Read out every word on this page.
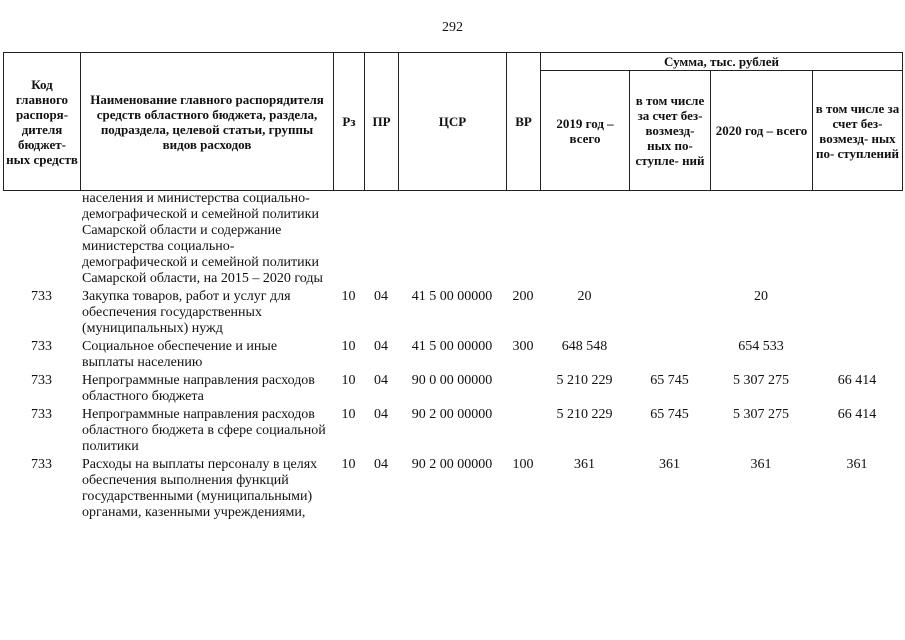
292
Код главного распоря- дителя бюджет- ных средств	Наименование главного распорядителя средств областного бюджета, раздела, подраздела, целевой статьи, группы видов расходов	Рз	ПР	ЦСР	ВР	Сумма, тыс. рублей			
						2019 год – всего	в том числе за счет без- возмезд- ных по- ступле- ний	2020 год – всего	в том числе за счет без- возмезд- ных по- ступлений
	населения и министерства социально-демографической и семейной политики Самарской области и содержание министерства социально- демографической и семейной политики Самарской области, на 2015 – 2020 годы								
733	Закупка товаров, работ и услуг для обеспечения государственных (муниципальных) нужд	10	04	41 5 00 00000	200	20		20	
733	Социальное обеспечение и иные выплаты населению	10	04	41 5 00 00000	300	648 548		654 533	
733	Непрограммные направления расходов областного бюджета	10	04	90 0 00 00000		5 210 229	65 745	5 307 275	66 414
733	Непрограммные направления расходов областного бюджета в сфере социальной политики	10	04	90 2 00 00000		5 210 229	65 745	5 307 275	66 414
733	Расходы на выплаты персоналу в целях обеспечения выполнения функций государственными (муниципальными) органами, казенными учреждениями,	10	04	90 2 00 00000	100	361	361	361	361
